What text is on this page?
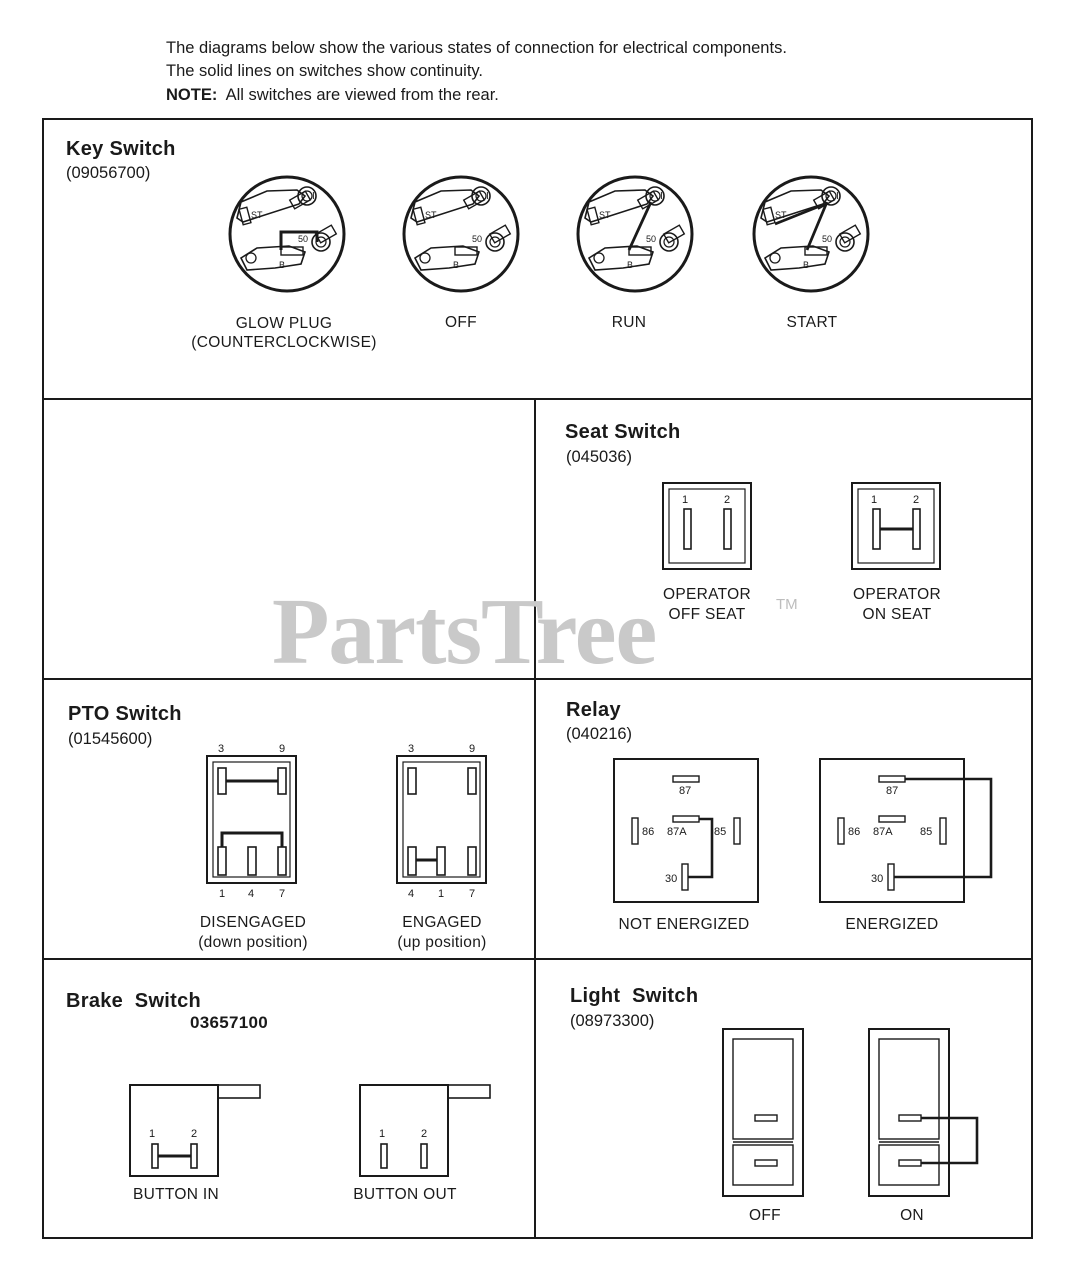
The diagrams below show the various states of connection for electrical components.
The solid lines on switches show continuity.
NOTE: All switches are viewed from the rear.
PartsTree	TM
Key Switch
(09056700)
ST
I
50
B
ST
I
50
B
ST
I
50
B
ST
I
50
B
GLOW PLUG
(COUNTERCLOCKWISE)
OFF	RUN	START
Seat Switch
(045036)
1	2	1	2
OPERATOR
OFF SEAT
OPERATOR
ON SEAT
PTO Switch
(01545600)
3	9
1 4 7
3	9
4 1 7
DISENGAGED
(down position)
ENGAGED
(up position)
Relay
(040216)
87
87A
86	85
30
87
87A
86	85
30
NOT ENERGIZED	ENERGIZED
Brake  Switch
03657100
1	2	1	2
BUTTON IN	BUTTON OUT
Light  Switch
(08973300)
OFF	ON
